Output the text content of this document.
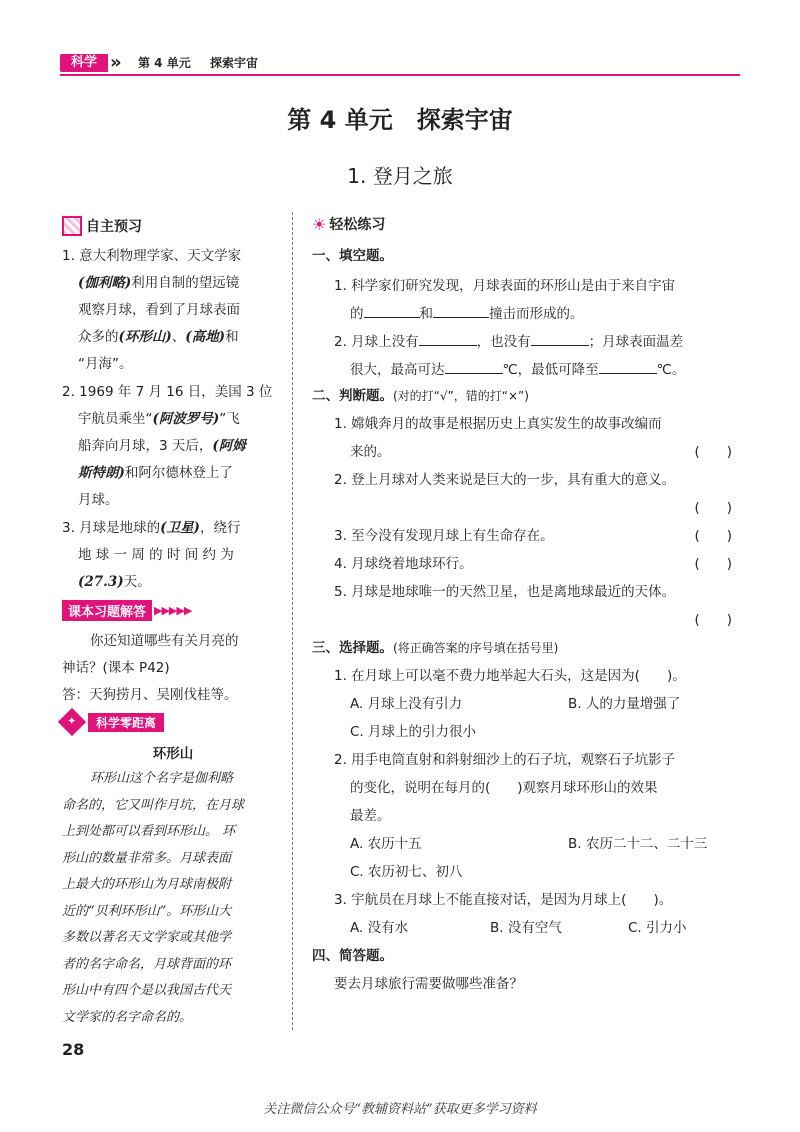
科学 » 第 4 单元 探索宇宙
第 4 单元　探索宇宙
1. 登月之旅
自主预习
1. 意大利物理学家、天文学家
(伽利略)利用自制的望远镜
观察月球，看到了月球表面
众多的(环形山)、(高地)和
“月海”。
2. 1969 年 7 月 16 日，美国 3 位
宇航员乘坐“(阿波罗号)”飞
船奔向月球，3 天后，(阿姆
斯特朗)和阿尔德林登上了
月球。
3. 月球是地球的(卫星)，绕行
地 球 一 周 的 时 间 约 为
(27.3)天。
课本习题解答 ▶▶▶▶▶
你还知道哪些有关月亮的
神话？(课本 P42)
答：天狗捞月、吴刚伐桂等。
✦	科学零距离
环形山
环形山这个名字是伽利略
命名的，它又叫作月坑，在月球
上到处都可以看到环形山。 环
形山的数量非常多。月球表面
上最大的环形山为月球南极附
近的“贝利环形山”。环形山大
多数以著名天文学家或其他学
者的名字命名，月球背面的环
形山中有四个是以我国古代天
文学家的名字命名的。
☀ 轻松练习
一、填空题。
1. 科学家们研究发现，月球表面的环形山是由于来自宇宙
的	和	撞击而形成的。
2. 月球上没有	，也没有	；月球表面温差
很大，最高可达	℃，最低可降至	℃。
二、判断题。(对的打“√”，错的打“×”)
1. 嫦娥奔月的故事是根据历史上真实发生的故事改编而
来的。	(　　)
2. 登上月球对人类来说是巨大的一步，具有重大的意义。
(　　)
3. 至今没有发现月球上有生命存在。	(　　)
4. 月球绕着地球环行。	(　　)
5. 月球是地球唯一的天然卫星，也是离地球最近的天体。
(　　)
三、选择题。(将正确答案的序号填在括号里)
1. 在月球上可以毫不费力地举起大石头，这是因为(　　)。
A. 月球上没有引力	B. 人的力量增强了
C. 月球上的引力很小
2. 用手电筒直射和斜射细沙上的石子坑，观察石子坑影子
的变化，说明在每月的(　　)观察月球环形山的效果
最差。
A. 农历十五	B. 农历二十二、二十三
C. 农历初七、初八
3. 宇航员在月球上不能直接对话，是因为月球上(　　)。
A. 没有水	B. 没有空气	C. 引力小
四、简答题。
要去月球旅行需要做哪些准备？
28
关注微信公众号“教辅资料站”获取更多学习资料
